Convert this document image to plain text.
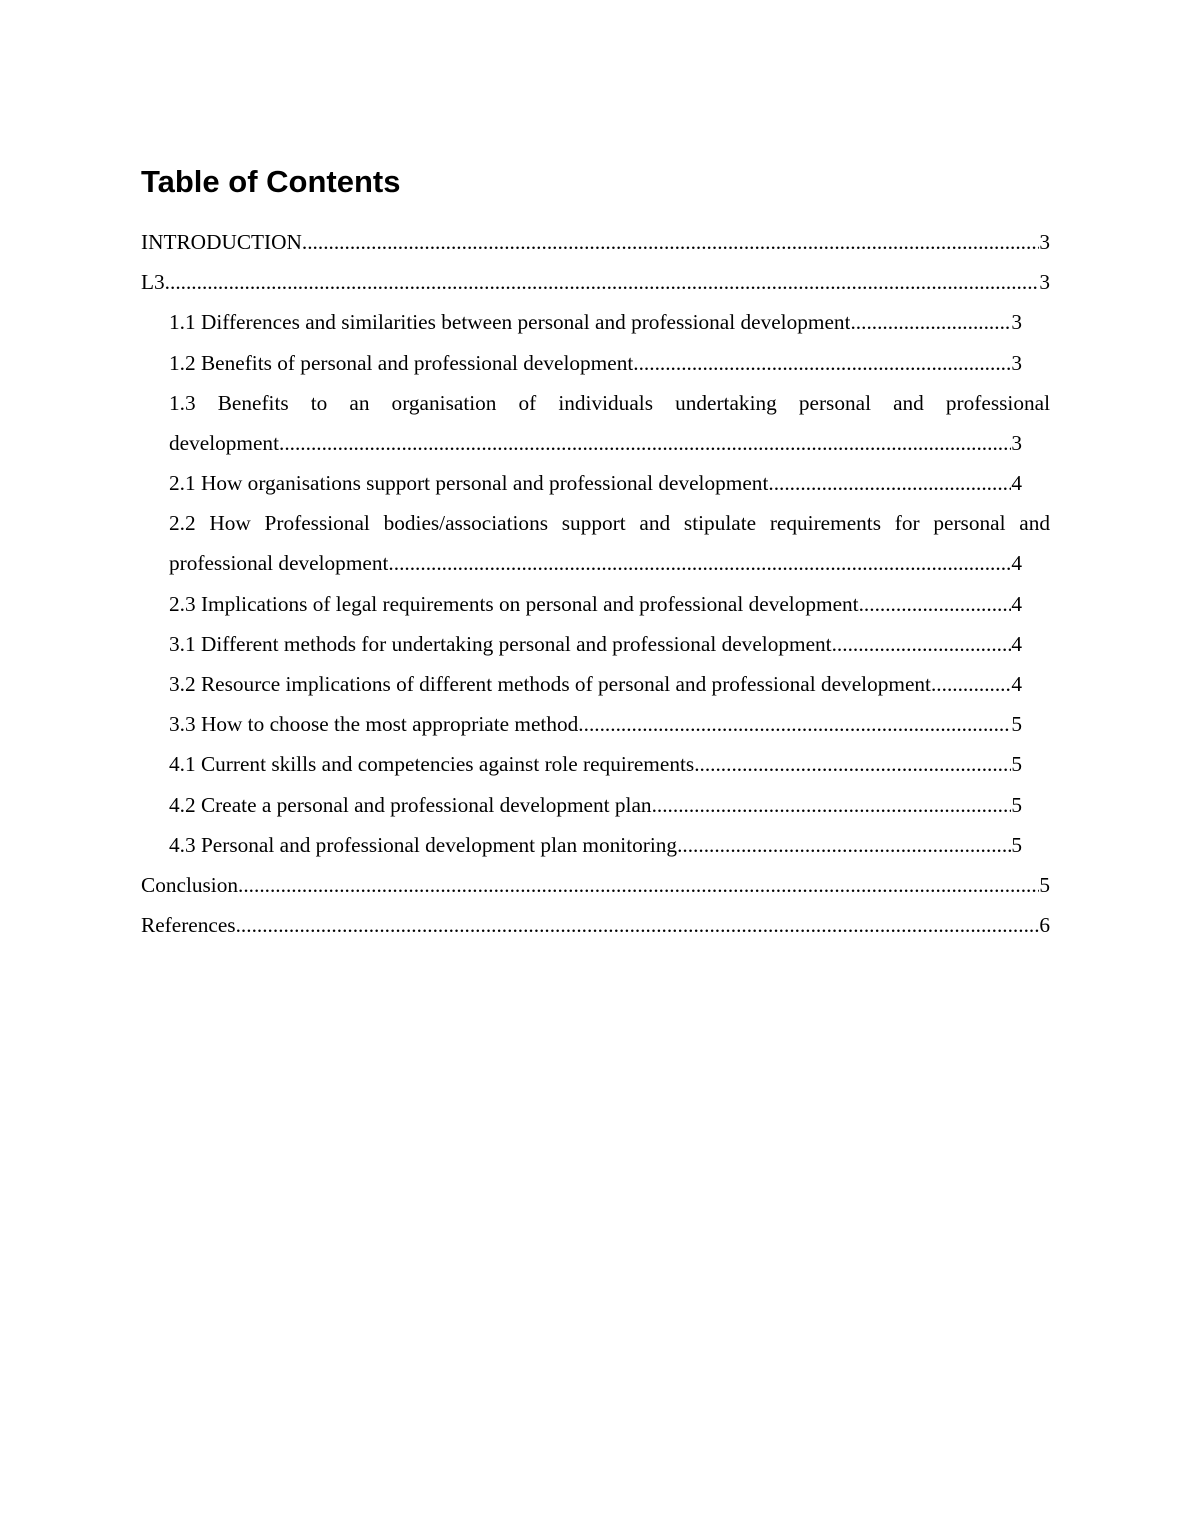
Table of Contents
INTRODUCTION .....	3
L3 .....	3
1.1 Differences and similarities between personal and professional development .....	3
1.2 Benefits of personal and professional development .....	3
1.3 Benefits to an organisation of individuals undertaking personal and professional
development .....	3
2.1 How organisations support personal and professional development .....	4
2.2 How Professional bodies/associations support and stipulate requirements for personal and
professional development .....	4
2.3 Implications of legal requirements on personal and professional development .....	4
3.1 Different methods for undertaking personal and professional development .....	4
3.2 Resource implications of different methods of personal and professional development .....	4
3.3 How to choose the most appropriate method .....	5
4.1 Current skills and competencies against role requirements .....	5
4.2 Create a personal and professional development plan .....	5
4.3 Personal and professional development plan monitoring .....	5
Conclusion .....	5
References .....	6
